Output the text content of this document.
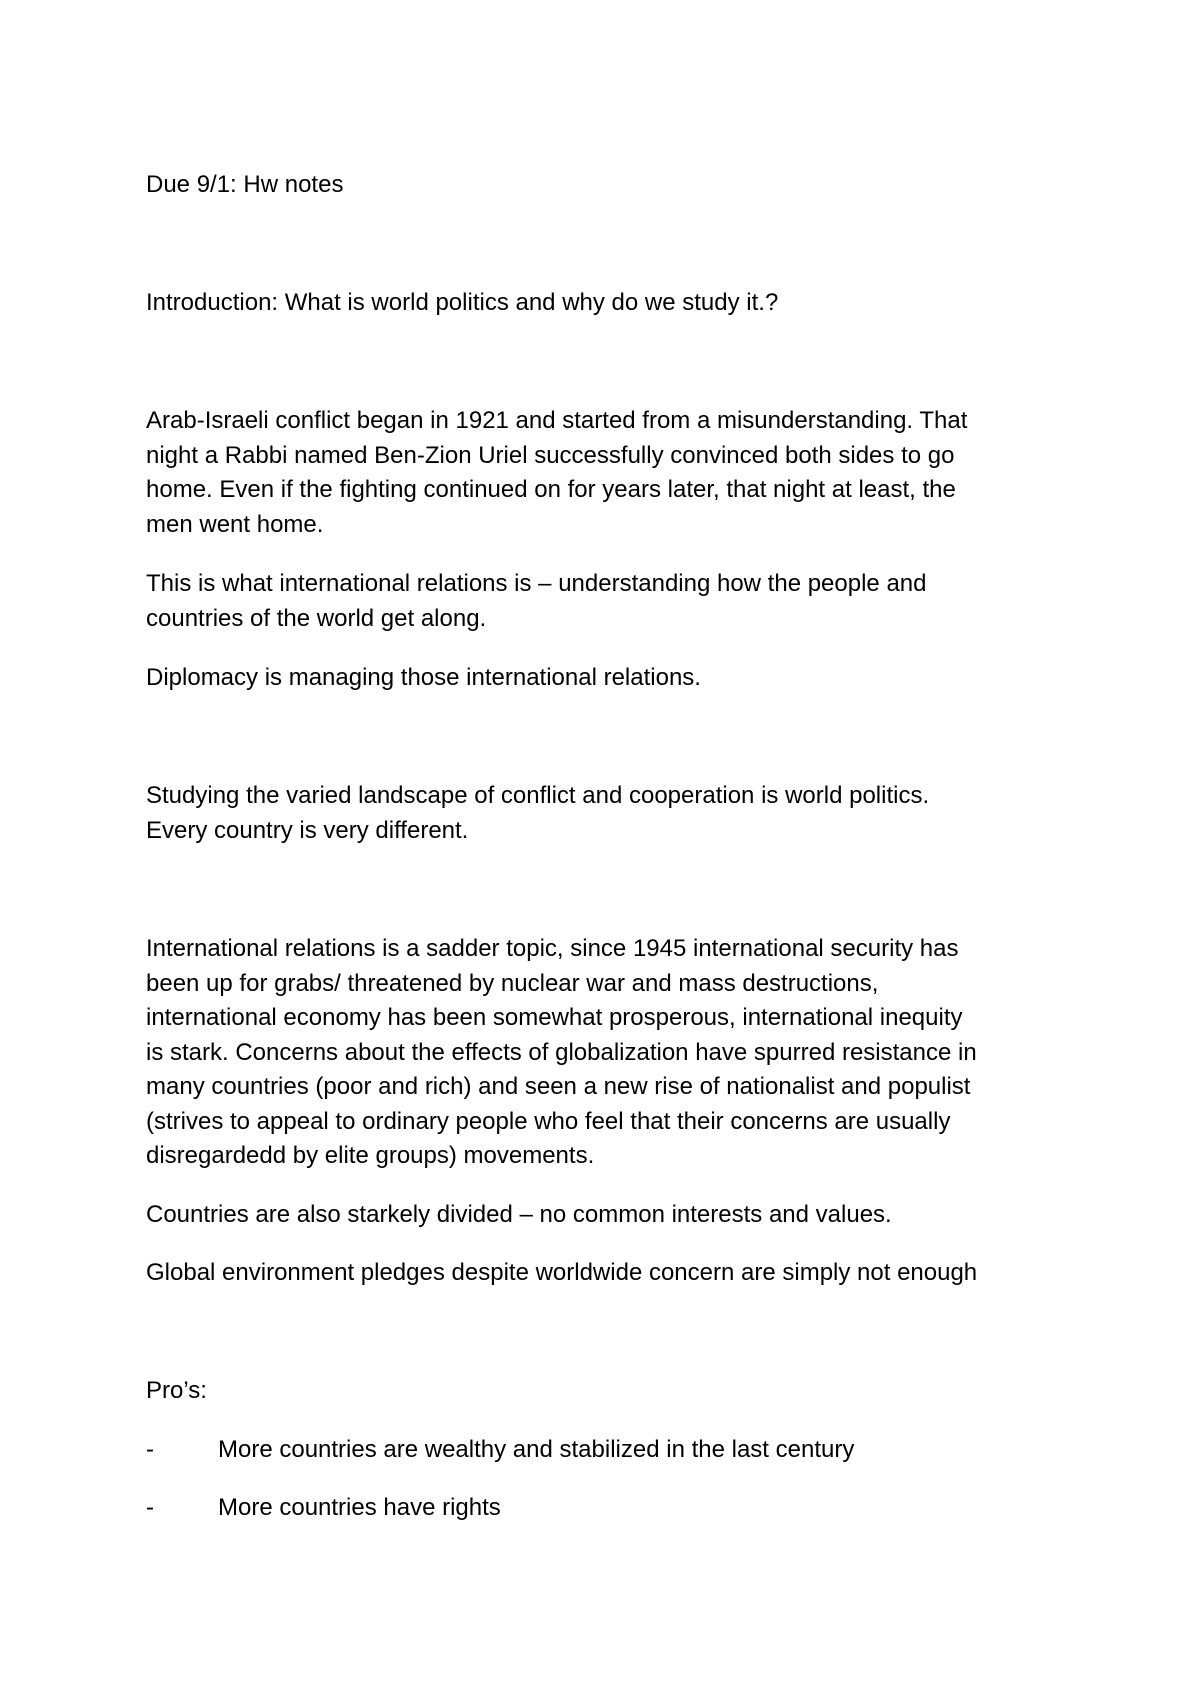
Due 9/1: Hw notes

Introduction: What is world politics and why do we study it.?

Arab-Israeli conflict began in 1921 and started from a misunderstanding. That

night a Rabbi named Ben-Zion Uriel successfully convinced both sides to go

home. Even if the fighting continued on for years later, that night at least, the

men went home.

This is what international relations is – understanding how the people and

countries of the world get along.

Diplomacy is managing those international relations.

Studying the varied landscape of conflict and cooperation is world politics.

Every country is very different.

International relations is a sadder topic, since 1945 international security has

been up for grabs/ threatened by nuclear war and mass destructions,

international economy has been somewhat prosperous, international inequity

is stark. Concerns about the effects of globalization have spurred resistance in

many countries (poor and rich) and seen a new rise of nationalist and populist

(strives to appeal to ordinary people who feel that their concerns are usually

disregardedd by elite groups) movements.

Countries are also starkely divided – no common interests and values.

Global environment pledges despite worldwide concern are simply not enough

Pro’s:

-	More countries are wealthy and stabilized in the last century
-	More countries have rights
